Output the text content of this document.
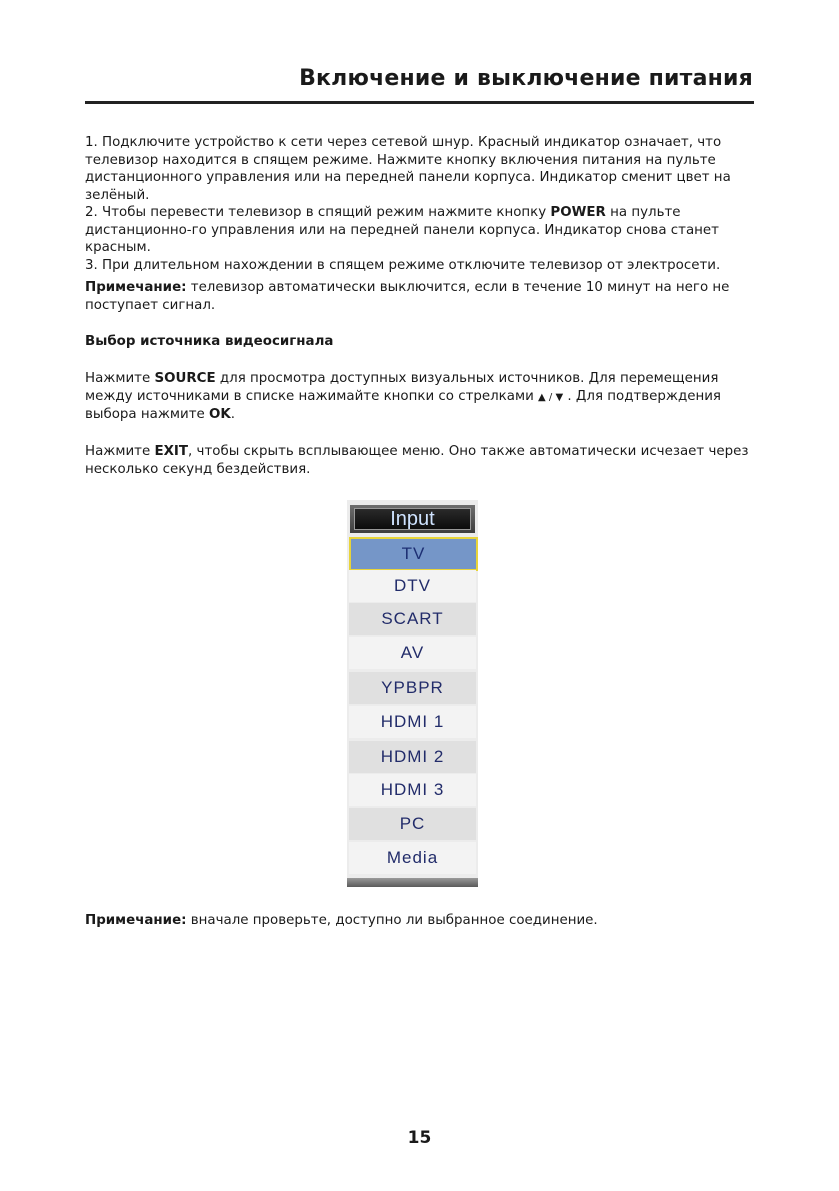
Включение и выключение питания

1. Подключите устройство к сети через сетевой шнур. Красный индикатор означает, что телевизор находится в спящем режиме. Нажмите кнопку включения питания на пульте дистанционного управления или на передней панели корпуса. Индикатор сменит цвет на зелёный.

2. Чтобы перевести телевизор в спящий режим нажмите кнопку POWER на пульте дистанционно-го управления или на передней панели корпуса. Индикатор снова станет красным.

3. При длительном нахождении в спящем режиме отключите телевизор от электросети.

Примечание: телевизор автоматически выключится, если в течение 10 минут на него не поступает сигнал.
Выбор источника видеосигнала
Нажмите SOURCE для просмотра доступных визуальных источников. Для перемещения между источниками в списке нажимайте кнопки со стрелками ▲ / ▼ . Для подтверждения выбора нажмите OK.
Нажмите EXIT, чтобы скрыть всплывающее меню. Оно также автоматически исчезает через несколько секунд бездействия.
Input
TV
DTV
SCART
AV
YPBPR
HDMI 1
HDMI 2
HDMI 3
PC
Media
Примечание: вначале проверьте, доступно ли выбранное соединение.
15
